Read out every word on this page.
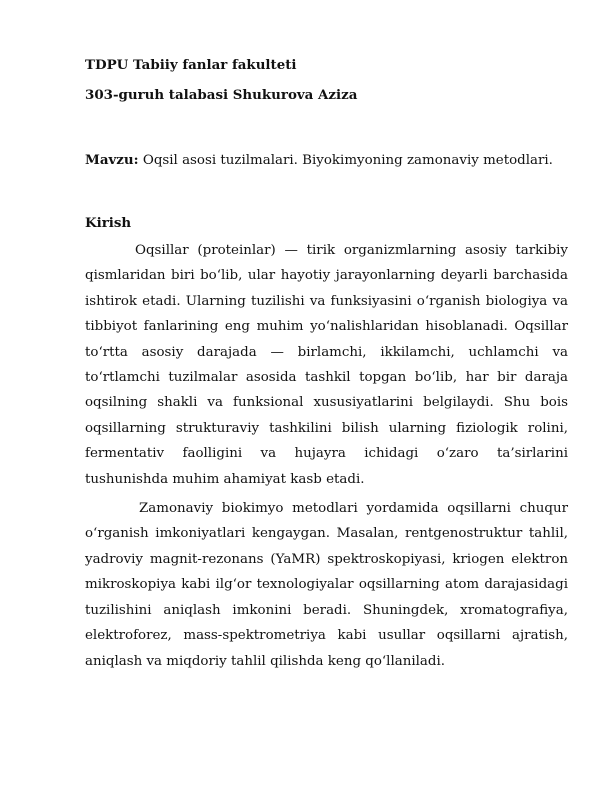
TDPU Tabiiy fanlar fakulteti

303-guruh talabasi Shukurova Aziza

Mavzu: Oqsil asosi tuzilmalari. Biyokimyoning zamonaviy metodlari.

Kirish

Oqsillar (proteinlar) — tirik organizmlarning asosiy tarkibiy qismlaridan biri bo‘lib, ular hayotiy jarayonlarning deyarli barchasida ishtirok etadi. Ularning tuzilishi va funksiyasini o‘rganish biologiya va tibbiyot fanlarining eng muhim yo‘nalishlaridan hisoblanadi. Oqsillar to‘rtta asosiy darajada — birlamchi, ikkilamchi, uchlamchi va to‘rtlamchi tuzilmalar asosida tashkil topgan bo‘lib, har bir daraja oqsilning shakli va funksional xususiyatlarini belgilaydi. Shu bois oqsillarning strukturaviy tashkilini bilish ularning fiziologik rolini, fermentativ faolligini va hujayra ichidagi o‘zaro ta’sirlarini tushunishda muhim ahamiyat kasb etadi.

Zamonaviy biokimyo metodlari yordamida oqsillarni chuqur o‘rganish imkoniyatlari kengaygan. Masalan, rentgenostruktur tahlil, yadroviy magnit-rezonans (YaMR) spektroskopiyasi, kriogen elektron mikroskopiya kabi ilg‘or texnologiyalar oqsillarning atom darajasidagi tuzilishini aniqlash imkonini beradi. Shuningdek, xromatografiya, elektroforez, mass-spektrometriya kabi usullar oqsillarni ajratish, aniqlash va miqdoriy tahlil qilishda keng qo‘llaniladi.
